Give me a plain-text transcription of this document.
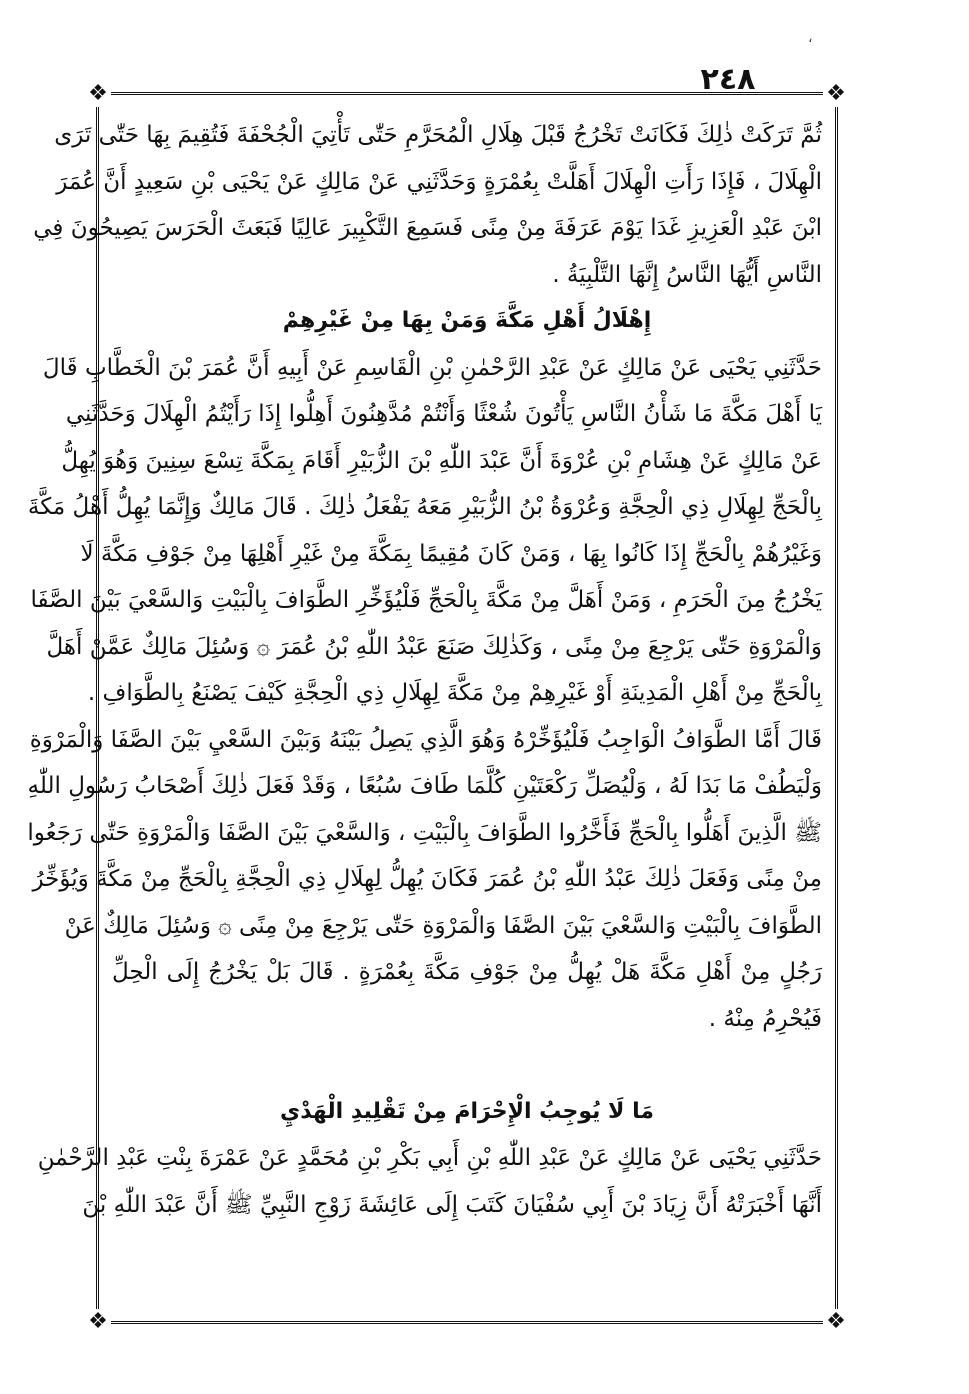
٢٤٨
،
❖	❖
❖	❖
ثُمَّ تَرَكَتْ ذٰلِكَ فَكَانَتْ تَخْرُجُ قَبْلَ هِلَالِ الْمُحَرَّمِ حَتّٰى تَأْتِيَ الْجُحْفَةَ فَتُقِيمَ بِهَا حَتّٰى تَرَى
الْهِلَالَ ، فَإِذَا رَأَتِ الْهِلَالَ أَهَلَّتْ بِعُمْرَةٍ وَحَدَّثَنِي عَنْ مَالِكٍ عَنْ يَحْيَى بْنِ سَعِيدٍ أَنَّ عُمَرَ
ابْنَ عَبْدِ الْعَزِيزِ غَدَا يَوْمَ عَرَفَةَ مِنْ مِنًى فَسَمِعَ التَّكْبِيرَ عَالِيًا فَبَعَثَ الْحَرَسَ يَصِيحُونَ فِي
النَّاسِ أَيُّهَا النَّاسُ إِنَّهَا التَّلْبِيَةُ .
إِهْلَالُ أَهْلِ مَكَّةَ وَمَنْ بِهَا مِنْ غَيْرِهِمْ
حَدَّثَنِي يَحْيَى عَنْ مَالِكٍ عَنْ عَبْدِ الرَّحْمٰنِ بْنِ الْقَاسِمِ عَنْ أَبِيهِ أَنَّ عُمَرَ بْنَ الْخَطَّابِ قَالَ
يَا أَهْلَ مَكَّةَ مَا شَأْنُ النَّاسِ يَأْتُونَ شُعْثًا وَأَنْتُمْ مُدَّهِنُونَ أَهِلُّوا إِذَا رَأَيْتُمُ الْهِلَالَ وَحَدَّثَنِي
عَنْ مَالِكٍ عَنْ هِشَامِ بْنِ عُرْوَةَ أَنَّ عَبْدَ اللّٰهِ بْنَ الزُّبَيْرِ أَقَامَ بِمَكَّةَ تِسْعَ سِنِينَ وَهُوَ يُهِلُّ
بِالْحَجِّ لِهِلَالِ ذِي الْحِجَّةِ وَعُرْوَةُ بْنُ الزُّبَيْرِ مَعَهُ يَفْعَلُ ذٰلِكَ . قَالَ مَالِكٌ وَإِنَّمَا يُهِلُّ أَهْلُ مَكَّةَ
وَغَيْرُهُمْ بِالْحَجِّ إِذَا كَانُوا بِهَا ، وَمَنْ كَانَ مُقِيمًا بِمَكَّةَ مِنْ غَيْرِ أَهْلِهَا مِنْ جَوْفِ مَكَّةَ لَا
يَخْرُجُ مِنَ الْحَرَمِ ، وَمَنْ أَهَلَّ مِنْ مَكَّةَ بِالْحَجِّ فَلْيُؤَخِّرِ الطَّوَافَ بِالْبَيْتِ وَالسَّعْيَ بَيْنَ الصَّفَا
وَالْمَرْوَةِ حَتّٰى يَرْجِعَ مِنْ مِنًى ، وَكَذٰلِكَ صَنَعَ عَبْدُ اللّٰهِ بْنُ عُمَرَ ۞ وَسُئِلَ مَالِكٌ عَمَّنْ أَهَلَّ
بِالْحَجِّ مِنْ أَهْلِ الْمَدِينَةِ أَوْ غَيْرِهِمْ مِنْ مَكَّةَ لِهِلَالِ ذِي الْحِجَّةِ كَيْفَ يَصْنَعُ بِالطَّوَافِ .
قَالَ أَمَّا الطَّوَافُ الْوَاجِبُ فَلْيُؤَخِّرْهُ وَهُوَ الَّذِي يَصِلُ بَيْنَهُ وَبَيْنَ السَّعْيِ بَيْنَ الصَّفَا وَالْمَرْوَةِ
وَلْيَطُفْ مَا بَدَا لَهُ ، وَلْيُصَلِّ رَكْعَتَيْنِ كُلَّمَا طَافَ سُبُعًا ، وَقَدْ فَعَلَ ذٰلِكَ أَصْحَابُ رَسُولِ اللّٰهِ
ﷺ الَّذِينَ أَهَلُّوا بِالْحَجِّ فَأَخَّرُوا الطَّوَافَ بِالْبَيْتِ ، وَالسَّعْيَ بَيْنَ الصَّفَا وَالْمَرْوَةِ حَتّٰى رَجَعُوا
مِنْ مِنًى وَفَعَلَ ذٰلِكَ عَبْدُ اللّٰهِ بْنُ عُمَرَ فَكَانَ يُهِلُّ لِهِلَالِ ذِي الْحِجَّةِ بِالْحَجِّ مِنْ مَكَّةَ وَيُؤَخِّرُ
الطَّوَافَ بِالْبَيْتِ وَالسَّعْيَ بَيْنَ الصَّفَا وَالْمَرْوَةِ حَتّٰى يَرْجِعَ مِنْ مِنًى ۞ وَسُئِلَ مَالِكٌ عَنْ
رَجُلٍ مِنْ أَهْلِ مَكَّةَ هَلْ يُهِلُّ مِنْ جَوْفِ مَكَّةَ بِعُمْرَةٍ . قَالَ بَلْ يَخْرُجُ إِلَى الْحِلِّ
فَيُحْرِمُ مِنْهُ .
مَا لَا يُوجِبُ الْإِحْرَامَ مِنْ تَقْلِيدِ الْهَدْيِ
حَدَّثَنِي يَحْيَى عَنْ مَالِكٍ عَنْ عَبْدِ اللّٰهِ بْنِ أَبِي بَكْرِ بْنِ مُحَمَّدٍ عَنْ عَمْرَةَ بِنْتِ عَبْدِ الرَّحْمٰنِ
أَنَّهَا أَخْبَرَتْهُ أَنَّ زِيَادَ بْنَ أَبِي سُفْيَانَ كَتَبَ إِلَى عَائِشَةَ زَوْجِ النَّبِيِّ ﷺ أَنَّ عَبْدَ اللّٰهِ بْنَ
